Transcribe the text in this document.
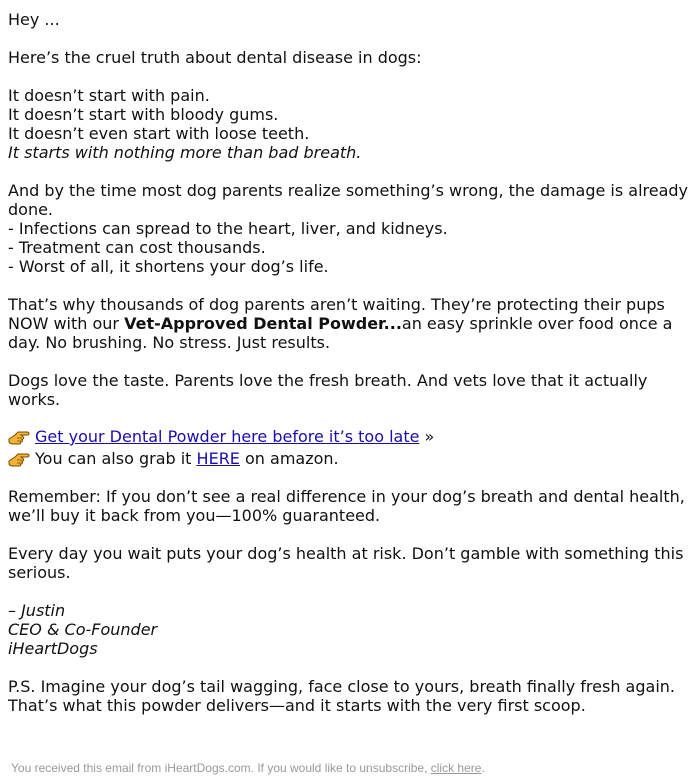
Hey ...

Here’s the cruel truth about dental disease in dogs:

It doesn’t start with pain.

It doesn’t start with bloody gums.

It doesn’t even start with loose teeth.

It starts with nothing more than bad breath.

And by the time most dog parents realize something’s wrong, the damage is already done.

- Infections can spread to the heart, liver, and kidneys.

- Treatment can cost thousands.

- Worst of all, it shortens your dog’s life.

That’s why thousands of dog parents aren’t waiting. They’re protecting their pups NOW with our Vet-Approved Dental Powder...an easy sprinkle over food once a day. No brushing. No stress. Just results.

Dogs love the taste. Parents love the fresh breath. And vets love that it actually works.

Get your Dental Powder here before it’s too late »
You can also grab it HERE on amazon.

Remember: If you don’t see a real difference in your dog’s breath and dental health, we’ll buy it back from you—100% guaranteed.

Every day you wait puts your dog’s health at risk. Don’t gamble with something this serious.

– Justin

CEO & Co-Founder

iHeartDogs

P.S. Imagine your dog’s tail wagging, face close to yours, breath finally fresh again. That’s what this powder delivers—and it starts with the very first scoop.

You received this email from iHeartDogs.com. If you would like to unsubscribe, click here.
